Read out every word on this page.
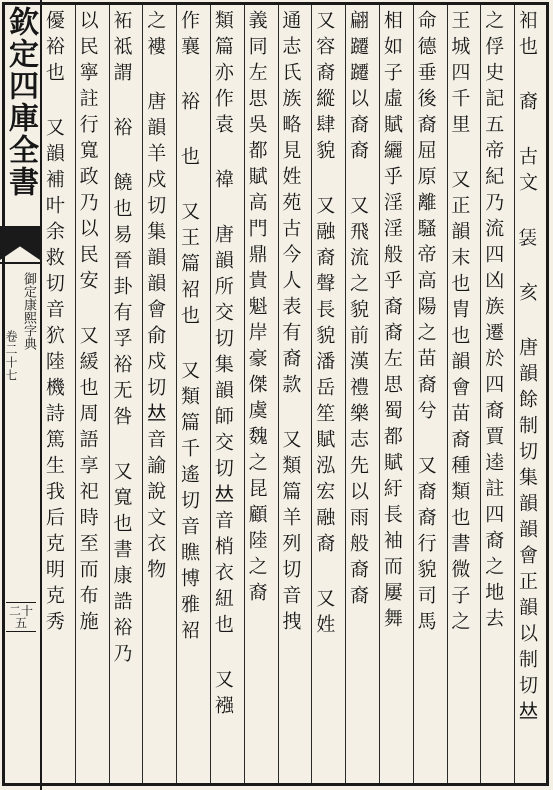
欽定四庫全書
御定康熙字典
卷二十七
二十五	衵也 裔 古文 𧙨 亥 唐韻餘制切集韻韻會正韻以制切𠀤
之俘史記五帝紀乃流四凶族遷於四裔賈逵註四裔之地去
王城四千里 又正韻末也胄也韻會苗裔種類也書微子之
命德垂後裔屈原離騷帝高陽之苗裔兮 又裔裔行貌司馬
相如子虛賦纚乎淫淫般乎裔裔左思蜀都賦紆長袖而屢舞
翩躚躚以裔裔 又飛流之貌前漢禮樂志先以雨般裔裔
又容裔縱肆貌 又融裔聲長貌潘岳笙賦泓宏融裔 又姓
通志氏族略見姓苑古今人表有裔款 又類篇羊列切音拽
義同左思吳都賦高門鼎貴魁岸豪傑虞魏之昆顧陸之裔
類篇亦作袁 禕 唐韻所交切集韻師交切𠀤音梢衣紐也 又襁
作襄 裕 也 又王篇袑也 又類篇千遙切音瞧博雅袑
之褸 唐韻羊戍切集韻韻會俞戍切𠀤音諭說文衣物
袥祗謂 裕 饒也易晉卦有孚裕无咎 又寬也書康誥裕乃
以民寧註行寬政乃以民安 又緩也周語享祀時至而布施
優裕也 又韻補叶余救切音狖陸機詩篤生我后克明克秀
